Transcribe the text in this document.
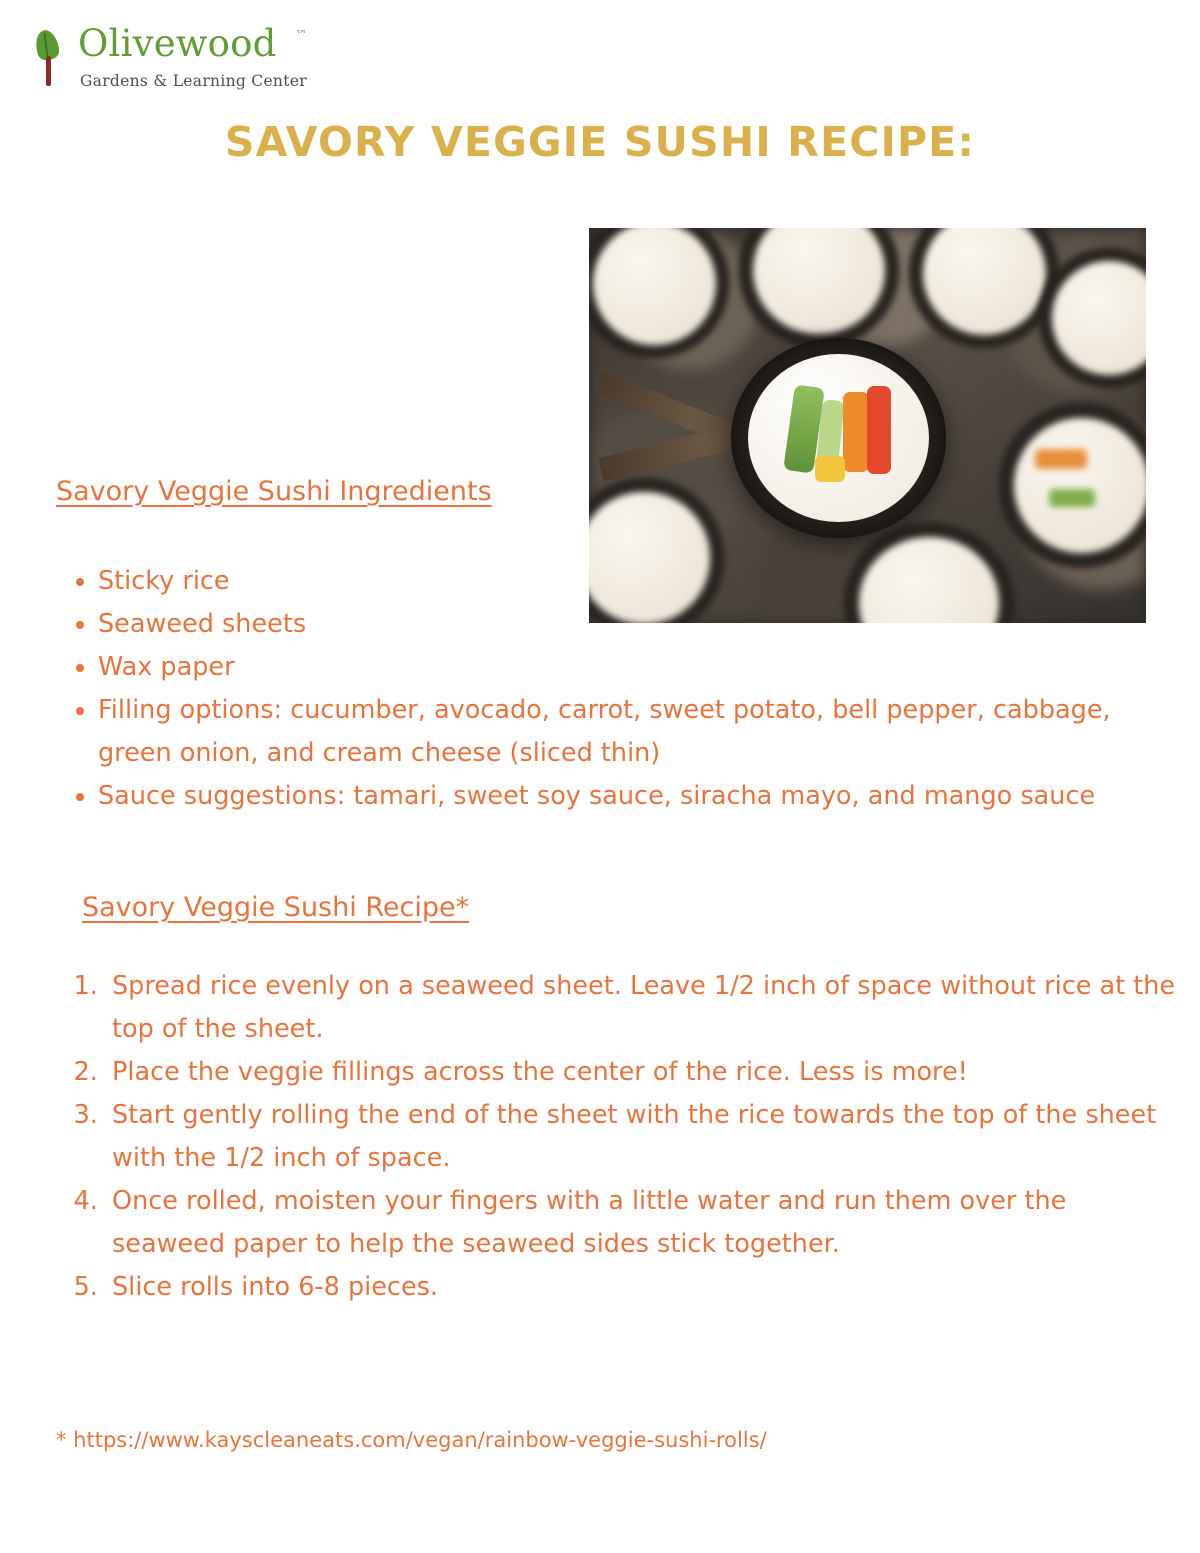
Olivewood ™
Gardens & Learning Center
SAVORY VEGGIE SUSHI RECIPE:
Savory Veggie Sushi Ingredients
• Sticky rice
• Seaweed sheets
• Wax paper
• Filling options: cucumber, avocado, carrot, sweet potato, bell pepper, cabbage, green onion, and cream cheese (sliced thin)
• Sauce suggestions: tamari, sweet soy sauce, siracha mayo, and mango sauce
Savory Veggie Sushi Recipe*
1. Spread rice evenly on a seaweed sheet. Leave 1/2 inch of space without rice at the top of the sheet.
2. Place the veggie fillings across the center of the rice. Less is more!
3. Start gently rolling the end of the sheet with the rice towards the top of the sheet with the 1/2 inch of space.
4. Once rolled, moisten your fingers with a little water and run them over the seaweed paper to help the seaweed sides stick together.
5. Slice rolls into 6-8 pieces.
* https://www.kayscleaneats.com/vegan/rainbow-veggie-sushi-rolls/
